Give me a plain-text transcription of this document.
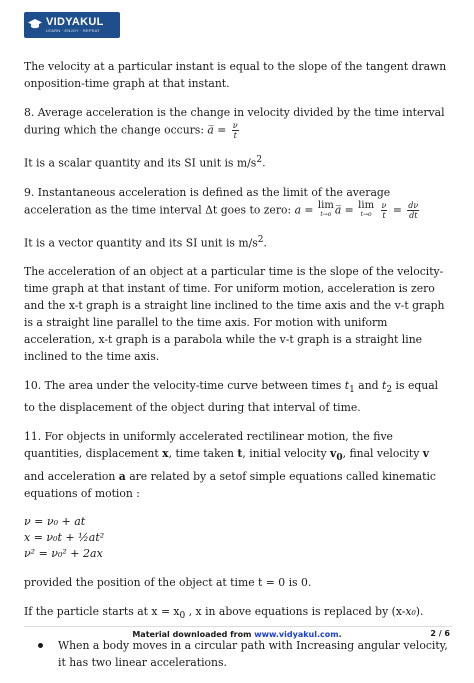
VIDYAKUL
LEARN · ENJOY · REPEAT

The velocity at a particular instant is equal to the slope of the tangent drawn onposition-time graph at that instant.

8. Average acceleration is the change in velocity divided by the time interval during which the change occurs: a̅ = $\frac{\nu}{t}$

It is a scalar quantity and its SI unit is $m/s^2$.

9. Instantaneous acceleration is defined as the limit of the average acceleration as the time interval Δt goes to zero: a = lim
t→o a̅ = lim
t→o
	$\frac{\nu}{t} = \frac{d\nu}{dt}$

It is a vector quantity and its SI unit is $m/s^2$.

The acceleration of an object at a particular time is the slope of the velocity-time graph at that instant of time. For uniform motion, acceleration is zero and the x-t graph is a straight line inclined to the time axis and the v-t graph is a straight line parallel to the time axis. For motion with uniform acceleration, x-t graph is a parabola while the v-t graph is a straight line inclined to the time axis.

10. The area under the velocity-time curve between times $t_1$ and $t_2$ is equal to the displacement of the object during that interval of time.

11. For objects in uniformly accelerated rectilinear motion, the five quantities, displacement x, time taken t, initial velocity $v_0$, final velocity v and acceleration a are related by a setof simple equations called kinematic equations of motion :

ν = ν₀ + at
x = ν₀t + ½at²
ν² = ν₀² + 2ax

provided the position of the object at time t = 0 is 0.

If the particle starts at $x = x_0$ , x in above equations is replaced by (x-x₀).

When a body moves in a circular path with Increasing angular velocity, it has two linear accelerations.

Material downloaded from www.vidyakul.com.	2 / 6
